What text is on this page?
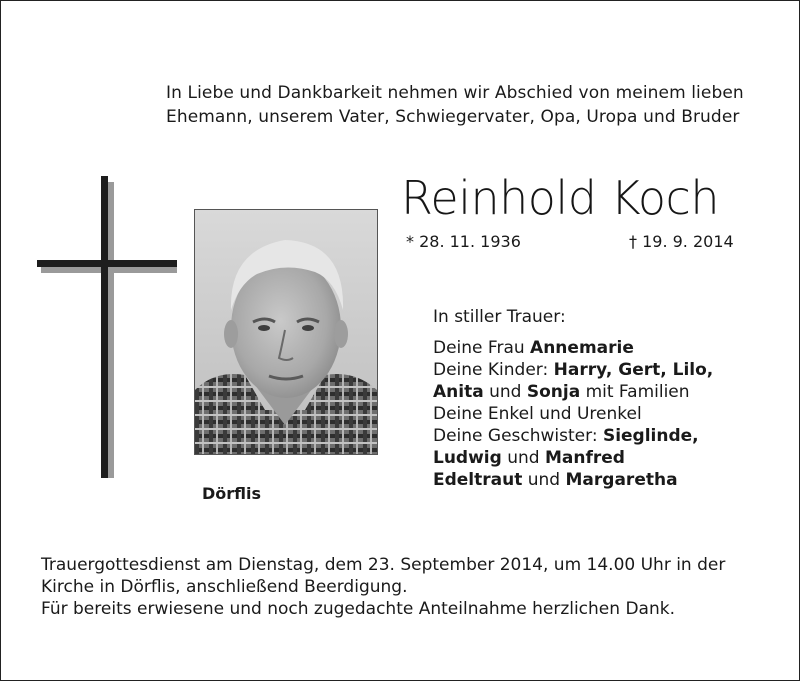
In Liebe und Dankbarkeit nehmen wir Abschied von meinem lieben
Ehemann, unserem Vater, Schwiegervater, Opa, Uropa und Bruder
Dörflis
Reinhold Koch
* 28. 11. 1936	† 19. 9. 2014
In stiller Trauer:
Deine Frau Annemarie
Deine Kinder: Harry, Gert, Lilo,
Anita und Sonja mit Familien
Deine Enkel und Urenkel
Deine Geschwister: Sieglinde,
Ludwig und Manfred
Edeltraut und Margaretha
Trauergottesdienst am Dienstag, dem 23. September 2014, um 14.00 Uhr in der
Kirche in Dörflis, anschließend Beerdigung.
Für bereits erwiesene und noch zugedachte Anteilnahme herzlichen Dank.
